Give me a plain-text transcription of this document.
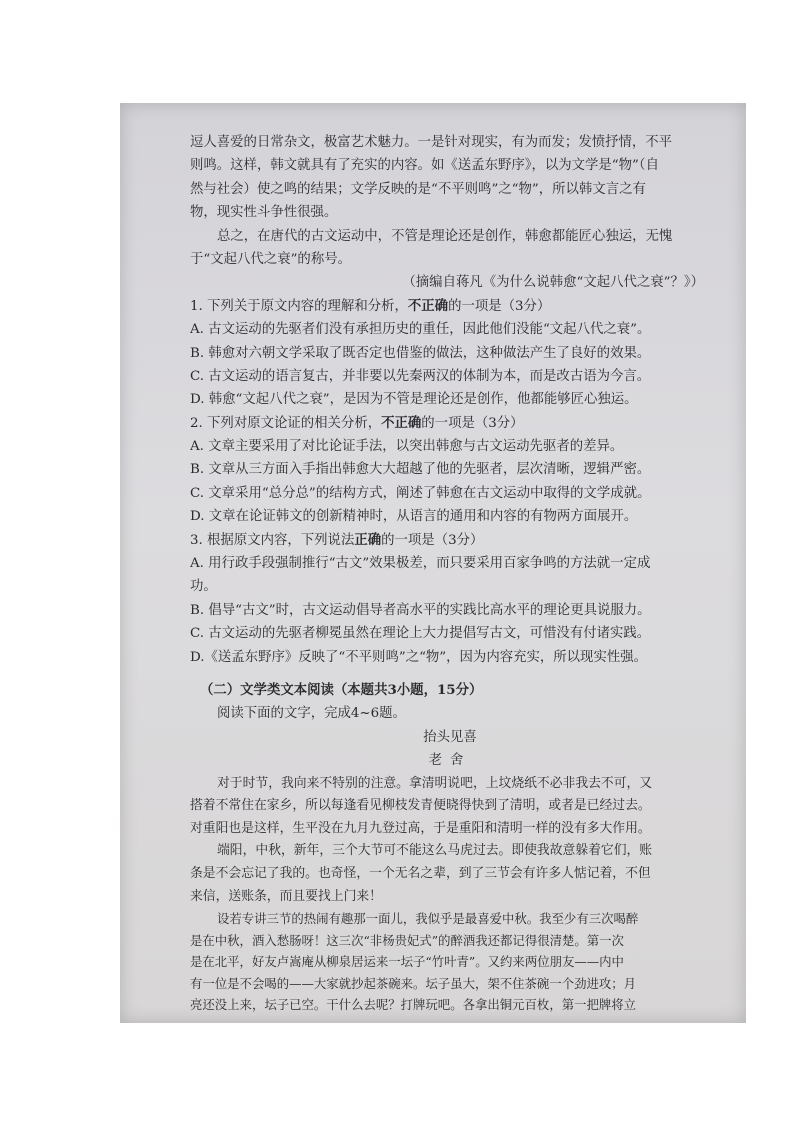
逗人喜爱的日常杂文，极富艺术魅力。一是针对现实，有为而发；发愤抒情，不平
则鸣。这样，韩文就具有了充实的内容。如《送孟东野序》，以为文学是“物”（自
然与社会）使之鸣的结果；文学反映的是“不平则鸣”之“物”，所以韩文言之有
物，现实性斗争性很强。
总之，在唐代的古文运动中，不管是理论还是创作，韩愈都能匠心独运，无愧
于“文起八代之衰”的称号。
（摘编自蒋凡《为什么说韩愈“文起八代之衰”？》）
1. 下列关于原文内容的理解和分析，不正确的一项是（3分）
A. 古文运动的先驱者们没有承担历史的重任，因此他们没能“文起八代之衰”。
B. 韩愈对六朝文学采取了既否定也借鉴的做法，这种做法产生了良好的效果。
C. 古文运动的语言复古，并非要以先秦两汉的体制为本，而是改古语为今言。
D. 韩愈“文起八代之衰”，是因为不管是理论还是创作，他都能够匠心独运。
2. 下列对原文论证的相关分析，不正确的一项是（3分）
A. 文章主要采用了对比论证手法，以突出韩愈与古文运动先驱者的差异。
B. 文章从三方面入手指出韩愈大大超越了他的先驱者，层次清晰，逻辑严密。
C. 文章采用“总分总”的结构方式，阐述了韩愈在古文运动中取得的文学成就。
D. 文章在论证韩文的创新精神时，从语言的通用和内容的有物两方面展开。
3. 根据原文内容，下列说法正确的一项是（3分）
A. 用行政手段强制推行“古文”效果极差，而只要采用百家争鸣的方法就一定成
功。
B. 倡导“古文”时，古文运动倡导者高水平的实践比高水平的理论更具说服力。
C. 古文运动的先驱者柳冕虽然在理论上大力提倡写古文，可惜没有付诸实践。
D.《送孟东野序》反映了“不平则鸣”之“物”，因为内容充实，所以现实性强。
（二）文学类文本阅读（本题共3小题，15分）
阅读下面的文字，完成4~6题。
抬头见喜
老舍
对于时节，我向来不特别的注意。拿清明说吧，上坟烧纸不必非我去不可，又
搭着不常住在家乡，所以每逢看见柳枝发青便晓得快到了清明，或者是已经过去。
对重阳也是这样，生平没在九月九登过高，于是重阳和清明一样的没有多大作用。
端阳，中秋，新年，三个大节可不能这么马虎过去。即使我故意躲着它们，账
条是不会忘记了我的。也奇怪，一个无名之辈，到了三节会有许多人惦记着，不但
来信，送账条，而且要找上门来！
设若专讲三节的热闹有趣那一面儿，我似乎是最喜爱中秋。我至少有三次喝醉
是在中秋，酒入愁肠呀！这三次“非杨贵妃式”的醉酒我还都记得很清楚。第一次
是在北平，好友卢嵩庵从柳泉居运来一坛子“竹叶青”。又约来两位朋友——内中
有一位是不会喝的——大家就抄起茶碗来。坛子虽大，架不住茶碗一个劲进攻；月
亮还没上来，坛子已空。干什么去呢？打牌玩吧。各拿出铜元百枚，第一把牌将立
